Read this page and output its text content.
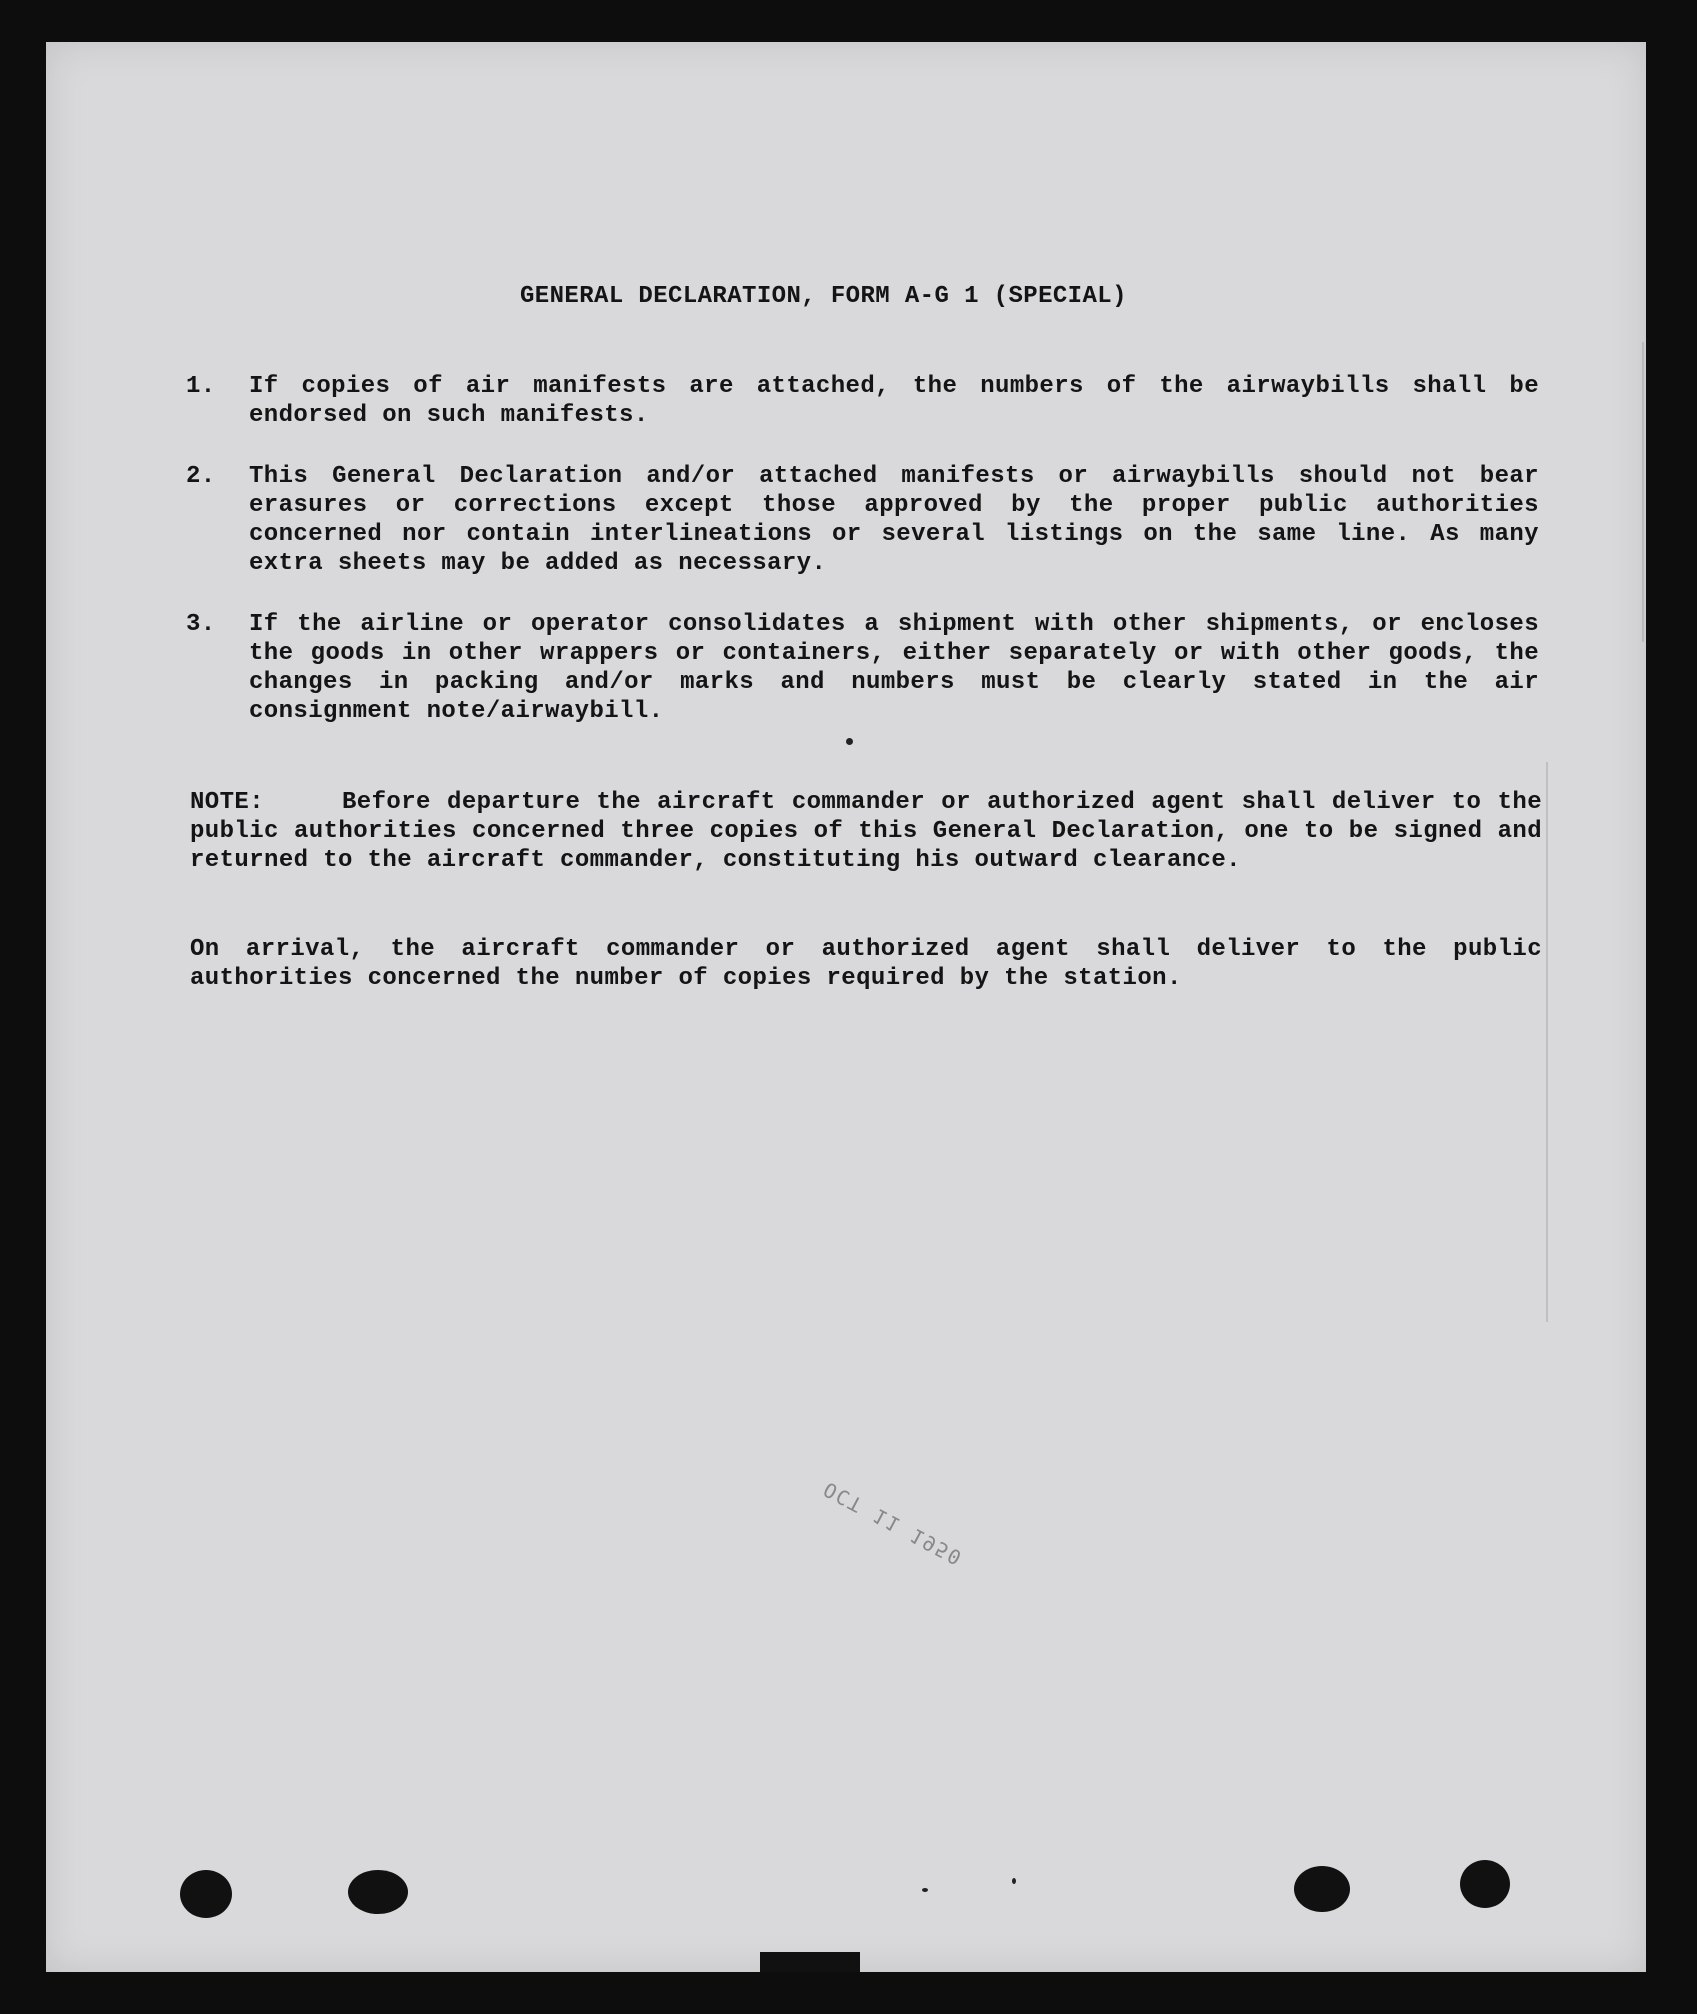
GENERAL DECLARATION, FORM A-G 1 (SPECIAL)
1.	If copies of air manifests are attached, the numbers of the airwaybills shall be endorsed on such manifests.
2.	This General Declaration and/or attached manifests or airwaybills should not bear erasures or corrections except those approved by the proper public authorities concerned nor contain interlineations or several listings on the same line. As many extra sheets may be added as necessary.
3.	If the airline or operator consolidates a shipment with other shipments, or encloses the goods in other wrappers or containers, either separately or with other goods, the changes in packing and/or marks and numbers must be clearly stated in the air consignment note/airwaybill.
NOTE:	Before departure the aircraft commander or authorized agent shall deliver to the public authorities concerned three copies of this General Declaration, one to be signed and returned to the aircraft commander, constituting his outward clearance.
On arrival, the aircraft commander or authorized agent shall deliver to the public authorities concerned the number of copies required by the station.
ОСТ 11 1950
